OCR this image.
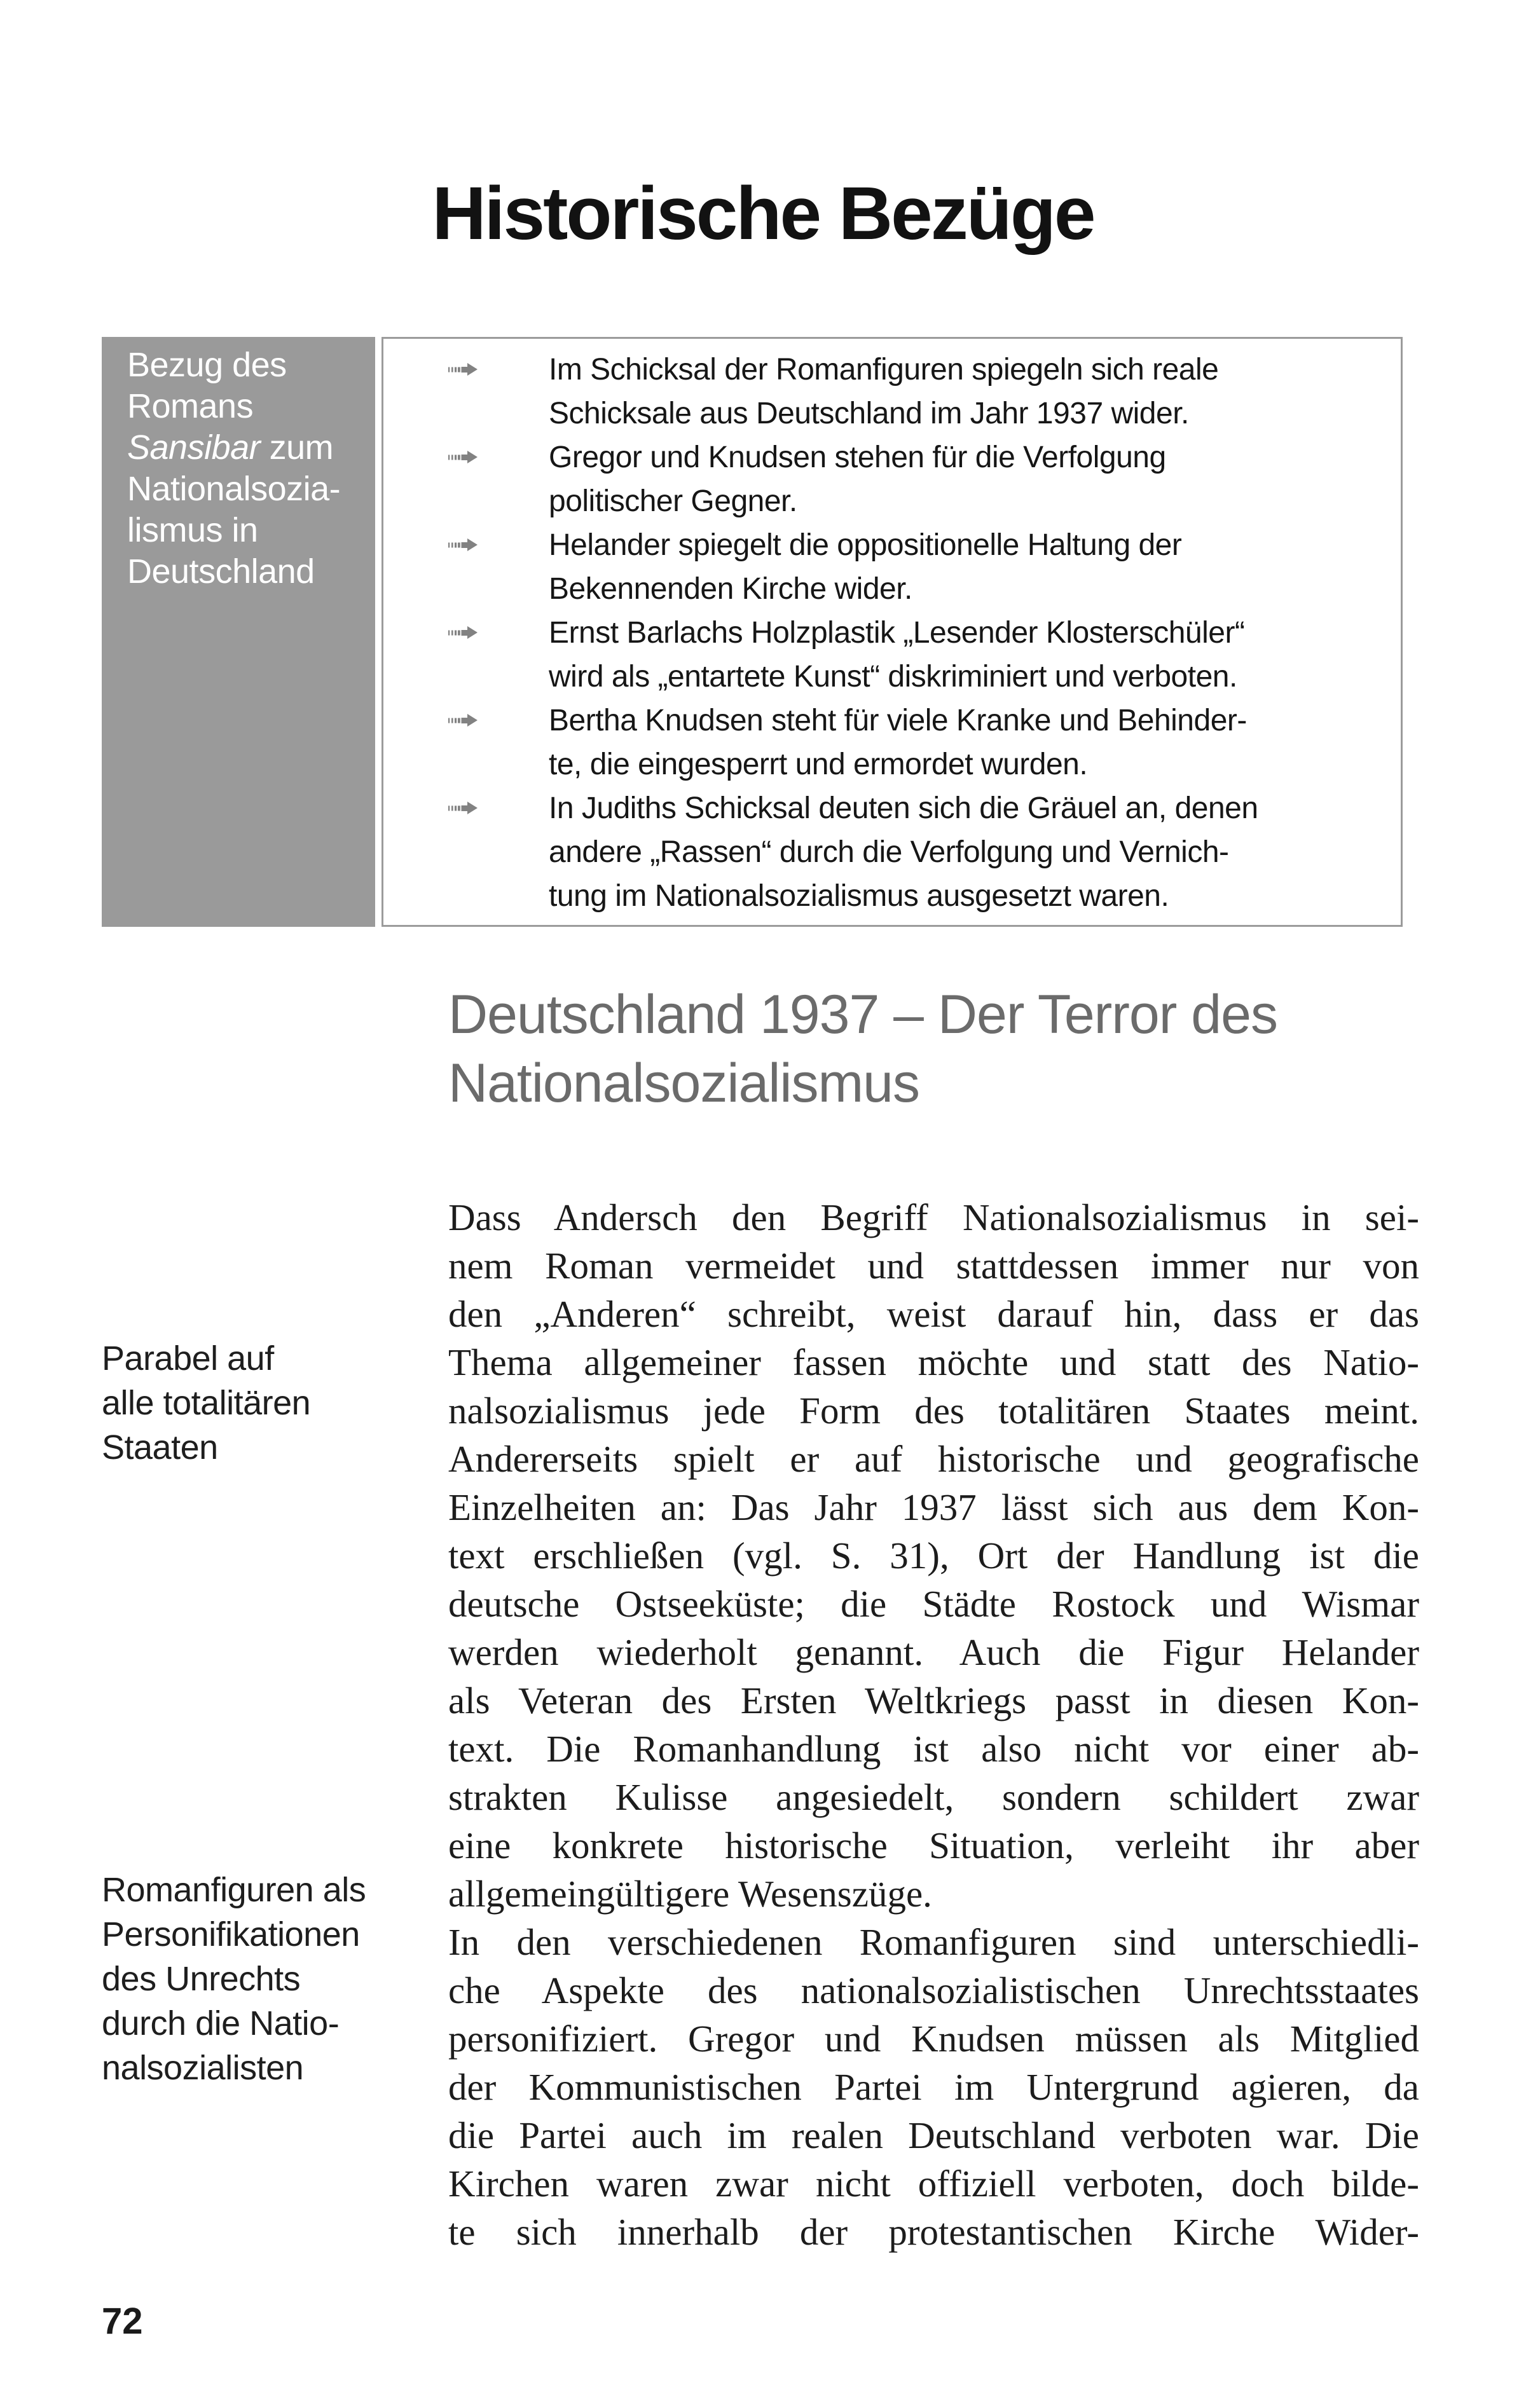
Historische Bezüge
Bezug des
Romans
Sansibar zum
Nationalsozia-
lismus in
Deutschland
Im Schicksal der Romanfiguren spiegeln sich reale
Schicksale aus Deutschland im Jahr 1937 wider.
Gregor und Knudsen stehen für die Verfolgung
politischer Gegner.
Helander spiegelt die oppositionelle Haltung der
Bekennenden Kirche wider.
Ernst Barlachs Holzplastik „Lesender Klosterschüler“
wird als „entartete Kunst“ diskriminiert und verboten.
Bertha Knudsen steht für viele Kranke und Behinder-
te, die eingesperrt und ermordet wurden.
In Judiths Schicksal deuten sich die Gräuel an, denen
andere „Rassen“ durch die Verfolgung und Vernich-
tung im Nationalsozialismus ausgesetzt waren.
Deutschland 1937 – Der Terror des
Nationalsozialismus
Parabel auf
alle totalitären
Staaten
Romanfiguren als
Personifikationen
des Unrechts
durch die Natio-
nalsozialisten
Dass Andersch den Begriff Nationalsozialismus in sei-
nem Roman vermeidet und stattdessen immer nur von
den „Anderen“ schreibt, weist darauf hin, dass er das
Thema allgemeiner fassen möchte und statt des Natio-
nalsozialismus jede Form des totalitären Staates meint.
Andererseits spielt er auf historische und geografische
Einzelheiten an: Das Jahr 1937 lässt sich aus dem Kon-
text erschließen (vgl. S. 31), Ort der Handlung ist die
deutsche Ostseeküste; die Städte Rostock und Wismar
werden wiederholt genannt. Auch die Figur Helander
als Veteran des Ersten Weltkriegs passt in diesen Kon-
text. Die Romanhandlung ist also nicht vor einer ab-
strakten Kulisse angesiedelt, sondern schildert zwar
eine konkrete historische Situation, verleiht ihr aber
allgemeingültigere Wesenszüge.
In den verschiedenen Romanfiguren sind unterschiedli-
che Aspekte des nationalsozialistischen Unrechtsstaates
personifiziert. Gregor und Knudsen müssen als Mitglied
der Kommunistischen Partei im Untergrund agieren, da
die Partei auch im realen Deutschland verboten war. Die
Kirchen waren zwar nicht offiziell verboten, doch bilde-
te sich innerhalb der protestantischen Kirche Wider-
72
